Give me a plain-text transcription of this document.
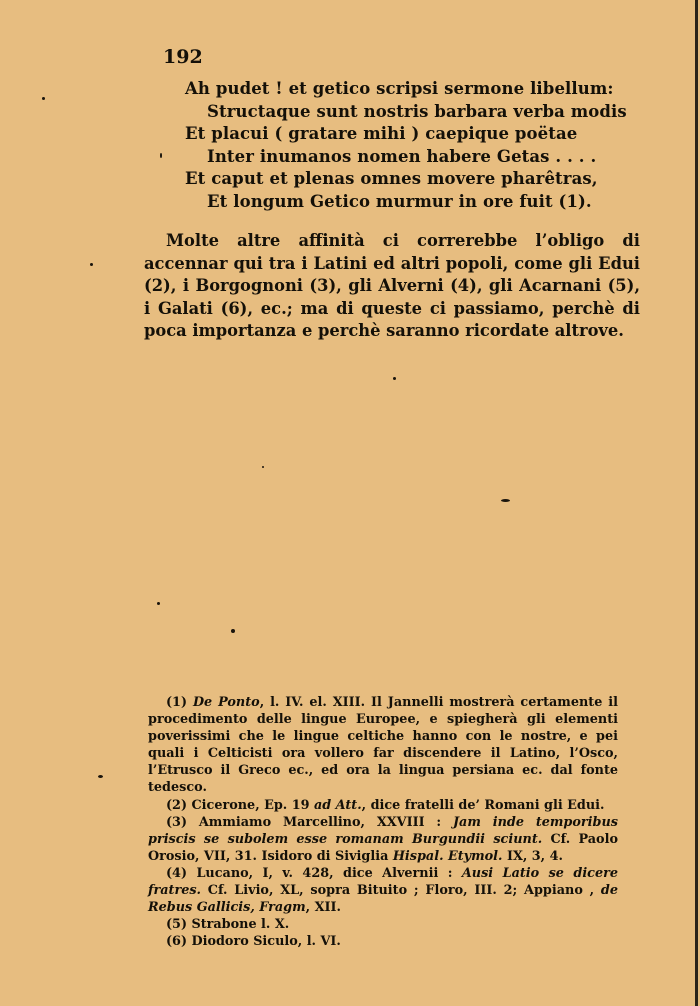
192
Ah pudet ! et getico scripsi sermone libellum:
Structaque sunt nostris barbara verba modis
Et placui ( gratare mihi ) caepique poëtae
Inter inumanos nomen habere Getas . . . .
Et caput et plenas omnes movere pharêtras,
Et longum Getico murmur in ore fuit (1).

Molte altre affinità ci correrebbe l’obligo di accennar qui tra i Latini ed altri popoli, come gli Edui (2), i Borgognoni (3), gli Alverni (4), gli Acarnani (5), i Galati (6), ec.; ma di queste ci passiamo, perchè di poca importanza e perchè saranno ricordate altrove.

(1) De Ponto, l. IV. el. XIII. Il Jannelli mostrerà certamente il procedimento delle lingue Europee, e spiegherà gli elementi poverissimi che le lingue celtiche hanno con le nostre, e pei quali i Celticisti ora vollero far discendere il Latino, l’Osco, l’Etrusco il Greco ec., ed ora la lingua persiana ec. dal fonte tedesco.

(2) Cicerone, Ep. 19 ad Att., dice fratelli de’ Romani gli Edui.

(3) Ammiamo Marcellino, XXVIII : Jam inde temporibus priscis se subolem esse romanam Burgundii sciunt. Cf. Paolo Orosio, VII, 31. Isidoro di Siviglia Hispal. Etymol. IX, 3, 4.

(4) Lucano, I, v. 428, dice Alvernii : Ausi Latio se dicere fratres. Cf. Livio, XL, sopra Bituito ; Floro, III. 2; Appiano , de Rebus Gallicis, Fragm, XII.

(5) Strabone l. X.

(6) Diodoro Siculo, l. VI.
